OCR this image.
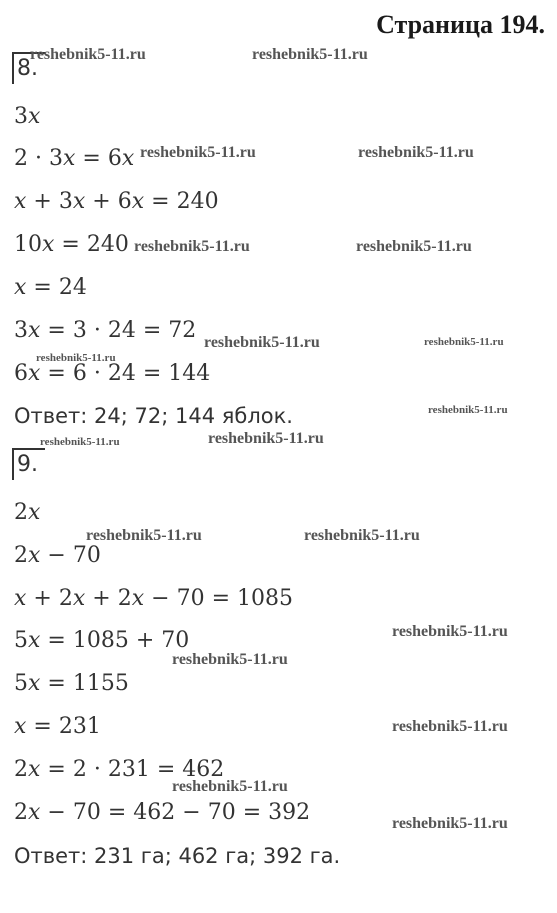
Страница 194.
8.
3x
2 · 3x = 6x
x + 3x + 6x = 240
10x = 240
x = 24
3x = 3 · 24 = 72
6x = 6 · 24 = 144
Ответ: 24; 72; 144 яблок.
9.
2x
2x − 70
x + 2x + 2x − 70 = 1085
5x = 1085 + 70
5x = 1155
x = 231
2x = 2 · 231 = 462
2x − 70 = 462 − 70 = 392
Ответ: 231 га; 462 га; 392 га.
reshebnik5-11.ru	reshebnik5-11.ru
reshebnik5-11.ru	reshebnik5-11.ru
reshebnik5-11.ru	reshebnik5-11.ru
reshebnik5-11.ru	reshebnik5-11.ru
reshebnik5-11.ru
reshebnik5-11.ru
reshebnik5-11.ru	reshebnik5-11.ru
reshebnik5-11.ru	reshebnik5-11.ru
reshebnik5-11.ru
reshebnik5-11.ru
reshebnik5-11.ru
reshebnik5-11.ru
reshebnik5-11.ru
